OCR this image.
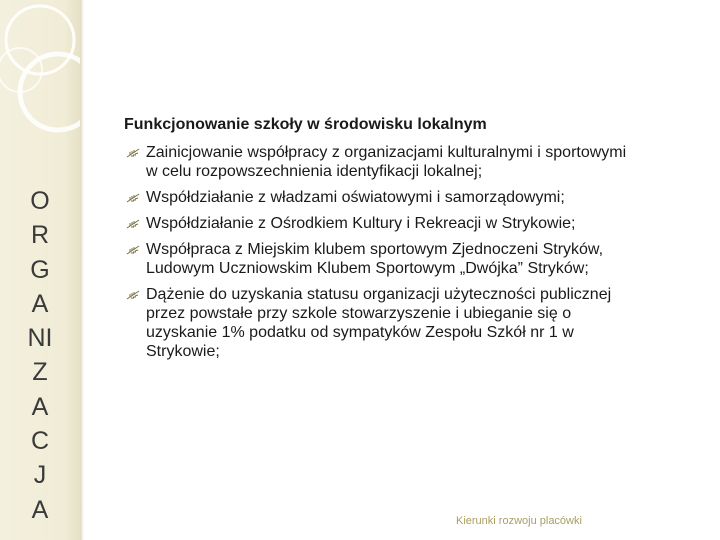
O
R
G
A
NI
Z
A
C
J
A
Funkcjonowanie szkoły w środowisku lokalnym
Zainicjowanie współpracy z organizacjami kulturalnymi i sportowymi
w celu rozpowszechnienia identyfikacji lokalnej;
Współdziałanie z władzami oświatowymi i samorządowymi;
Współdziałanie z Ośrodkiem Kultury i Rekreacji w Strykowie;
Współpraca z Miejskim klubem sportowym Zjednoczeni Stryków,
Ludowym Uczniowskim Klubem Sportowym „Dwójka” Stryków;
Dążenie do uzyskania statusu organizacji użyteczności publicznej
przez powstałe przy szkole stowarzyszenie i ubieganie się o
uzyskanie 1% podatku od sympatyków Zespołu Szkół nr 1 w
Strykowie;
Kierunki rozwoju placówki
